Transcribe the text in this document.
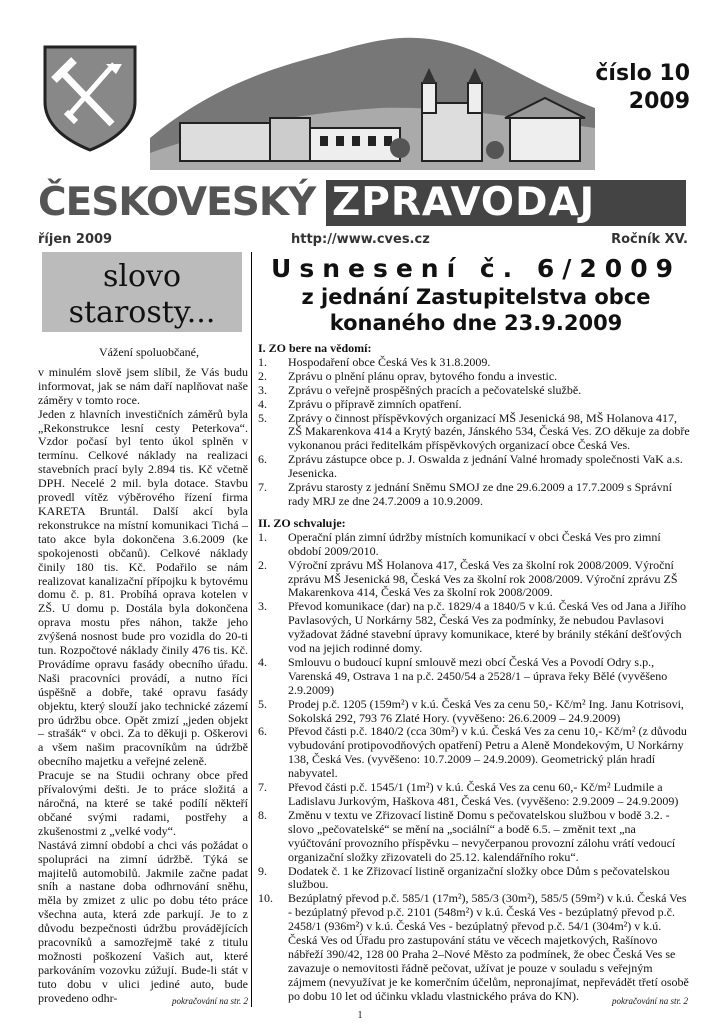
číslo 10
2009
ČESKOVESKÝ ZPRAVODAJ
říjen 2009	http://www.cves.cz	Ročník XV.
slovo
starosty...

Vážení spoluobčané,

v minulém slově jsem slíbil, že Vás budu informovat, jak se nám daří naplňovat naše záměry v tomto roce.

Jeden z hlavních investičních záměrů byla „Rekonstrukce lesní cesty Peterkova“. Vzdor počasí byl tento úkol splněn v termínu. Celkové náklady na realizaci stavebních prací byly 2.894 tis. Kč včetně DPH. Necelé 2 mil. byla dotace. Stavbu provedl vítěz výběrového řízení firma KARETA Bruntál. Další akcí byla rekonstrukce na místní komunikaci Tichá – tato akce byla dokončena 3.6.2009 (ke spokojenosti občanů). Celkové náklady činily 180 tis. Kč. Podařilo se nám realizovat kanalizační přípojku k bytovému domu č. p. 81. Probíhá oprava kotelen v ZŠ. U domu p. Dostála byla dokončena oprava mostu přes náhon, takže jeho zvýšená nosnost bude pro vozidla do 20-ti tun. Rozpočtové náklady činily 476 tis. Kč. Provádíme opravu fasády obecního úřadu. Naši pracovníci provádí, a nutno říci úspěšně a dobře, také opravu fasády objektu, který slouží jako technické zázemí pro údržbu obce. Opět zmizí „jeden objekt – strašák“ v obci. Za to děkuji p. Oškerovi a všem našim pracovníkům na údržbě obecního majetku a veřejné zeleně.

Pracuje se na Studii ochrany obce před přívalovými dešti. Je to práce složitá a náročná, na které se také podílí někteří občané svými radami, postřehy a zkušenostmi z „velké vody“.

Nastává zimní období a chci vás požádat o spolupráci na zimní údržbě. Týká se majitelů automobilů. Jakmile začne padat sníh a nastane doba odhrnování sněhu, měla by zmizet z ulic po dobu této práce všechna auta, která zde parkují. Je to z důvodu bezpečnosti údržbu provádějících pracovníků a samozřejmě také z titulu možnosti poškození Vašich aut, které parkováním vozovku zúžují. Bude-li stát v tuto dobu v ulici jediné auto, bude provedeno odhr-	pokračování na str. 2
Usnesení č. 6/2009
z jednání Zastupitelstva obce
konaného dne 23.9.2009

I. ZO bere na vědomí:

1. Hospodaření obce Česká Ves k 31.8.2009.
2. Zprávu o plnění plánu oprav, bytového fondu a investic.
3. Zprávu o veřejně prospěšných pracích a pečovatelské službě.
4. Zprávu o přípravě zimních opatření.
5. Zprávy o činnost příspěvkových organizací MŠ Jesenická 98, MŠ Holanova 417, ZŠ Makarenkova 414 a Krytý bazén, Jánského 534, Česká Ves. ZO děkuje za dobře vykonanou práci ředitelkám příspěvkových organizací obce Česká Ves.
6. Zprávu zástupce obce p. J. Oswalda z jednání Valné hromady společnosti VaK a.s. Jesenicka.
7. Zprávu starosty z jednání Sněmu SMOJ ze dne 29.6.2009 a 17.7.2009 s Správní rady MRJ ze dne 24.7.2009 a 10.9.2009.

II. ZO schvaluje:

1. Operační plán zimní údržby místních komunikací v obci Česká Ves pro zimní období 2009/2010.
2. Výroční zprávu MŠ Holanova 417, Česká Ves za školní rok 2008/2009. Výroční zprávu MŠ Jesenická 98, Česká Ves za školní rok 2008/2009. Výroční zprávu ZŠ Makarenkova 414, Česká Ves za školní rok 2008/2009.
3. Převod komunikace (dar) na p.č. 1829/4 a 1840/5 v k.ú. Česká Ves od Jana a Jiřího Pavlasových, U Norkárny 582, Česká Ves za podmínky, že nebudou Pavlasovi vyžadovat žádné stavební úpravy komunikace, které by bránily stékání dešťových vod na jejich rodinné domy.
4. Smlouvu o budoucí kupní smlouvě mezi obcí Česká Ves a Povodí Odry s.p., Varenská 49, Ostrava 1 na p.č. 2450/54 a 2528/1 – úprava řeky Bělé (vyvěšeno 2.9.2009)
5. Prodej p.č. 1205 (159m²) v k.ú. Česká Ves za cenu 50,- Kč/m² Ing. Janu Kotrisovi, Sokolská 292, 793 76 Zlaté Hory. (vyvěšeno: 26.6.2009 – 24.9.2009)
6. Převod části p.č. 1840/2 (cca 30m²) v k.ú. Česká Ves za cenu 10,- Kč/m² (z důvodu vybudování protipovodňových opatření) Petru a Aleně Mondekovým, U Norkárny 138, Česká Ves. (vyvěšeno: 10.7.2009 – 24.9.2009). Geometrický plán hradí nabyvatel.
7. Převod části p.č. 1545/1 (1m²) v k.ú. Česká Ves za cenu 60,- Kč/m² Ludmile a Ladislavu Jurkovým, Haškova 481, Česká Ves. (vyvěšeno: 2.9.2009 – 24.9.2009)
8. Změnu v textu ve Zřizovací listině Domu s pečovatelskou službou v bodě 3.2. - slovo „pečovatelské“ se mění na „sociální“ a bodě 6.5. – změnit text „na vyúčtování provozního příspěvku – nevyčerpanou provozní zálohu vrátí vedoucí organizační složky zřizovateli do 25.12. kalendářního roku“.
9. Dodatek č. 1 ke Zřizovací listině organizační složky obce Dům s pečovatelskou službou.
10. Bezúplatný převod p.č. 585/1 (17m²), 585/3 (30m²), 585/5 (59m²) v k.ú. Česká Ves - bezúplatný převod p.č. 2101 (548m²) v k.ú. Česká Ves - bezúplatný převod p.č. 2458/1 (936m²) v k.ú. Česká Ves - bezúplatný převod p.č. 54/1 (304m²) v k.ú. Česká Ves od Úřadu pro zastupování státu ve věcech majetkových, Rašínovo nábřeží 390/42, 128 00 Praha 2–Nové Město za podmínek, že obec Česká Ves se zavazuje o nemovitosti řádně pečovat, užívat je pouze v souladu s veřejným zájmem (nevyužívat je ke komerčním účelům, nepronajímat, nepřevádět třetí osobě po dobu 10 let od účinku vkladu vlastnického práva do KN).	pokračování na str. 2
1
